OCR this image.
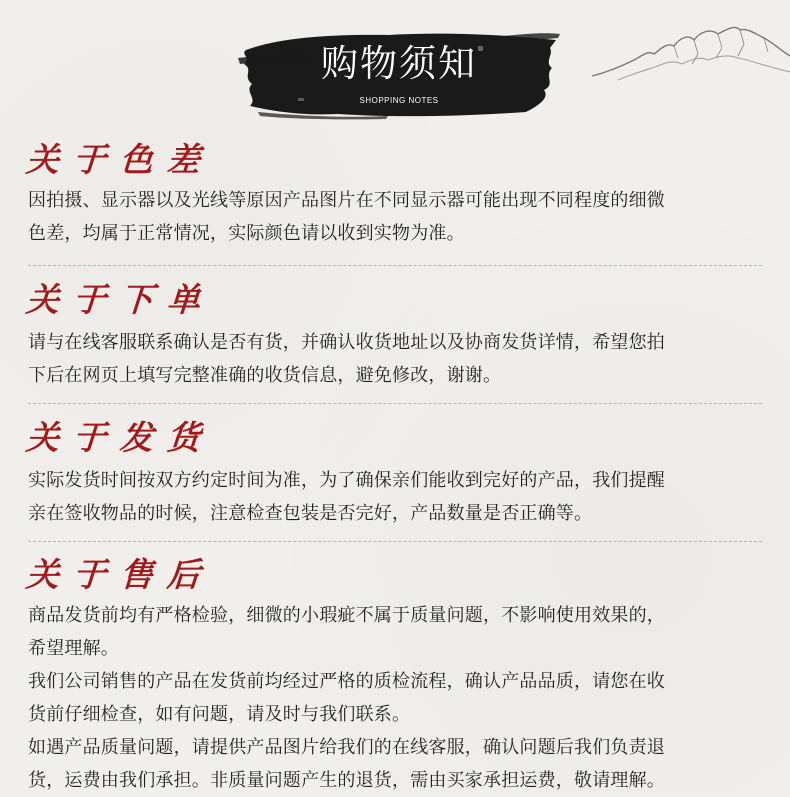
购物须知
SHOPPING NOTES
关于色差

因拍摄、显示器以及光线等原因产品图片在不同显示器可能出现不同程度的细微

色差，均属于正常情况，实际颜色请以收到实物为准。

关于下单

请与在线客服联系确认是否有货，并确认收货地址以及协商发货详情，希望您拍

下后在网页上填写完整准确的收货信息，避免修改，谢谢。

关于发货

实际发货时间按双方约定时间为准，为了确保亲们能收到完好的产品，我们提醒

亲在签收物品的时候，注意检查包装是否完好，产品数量是否正确等。

关于售后

商品发货前均有严格检验，细微的小瑕疵不属于质量问题，不影响使用效果的，

希望理解。

我们公司销售的产品在发货前均经过严格的质检流程，确认产品品质，请您在收

货前仔细检查，如有问题，请及时与我们联系。

如遇产品质量问题，请提供产品图片给我们的在线客服，确认问题后我们负责退

货，运费由我们承担。非质量问题产生的退货，需由买家承担运费，敬请理解。
